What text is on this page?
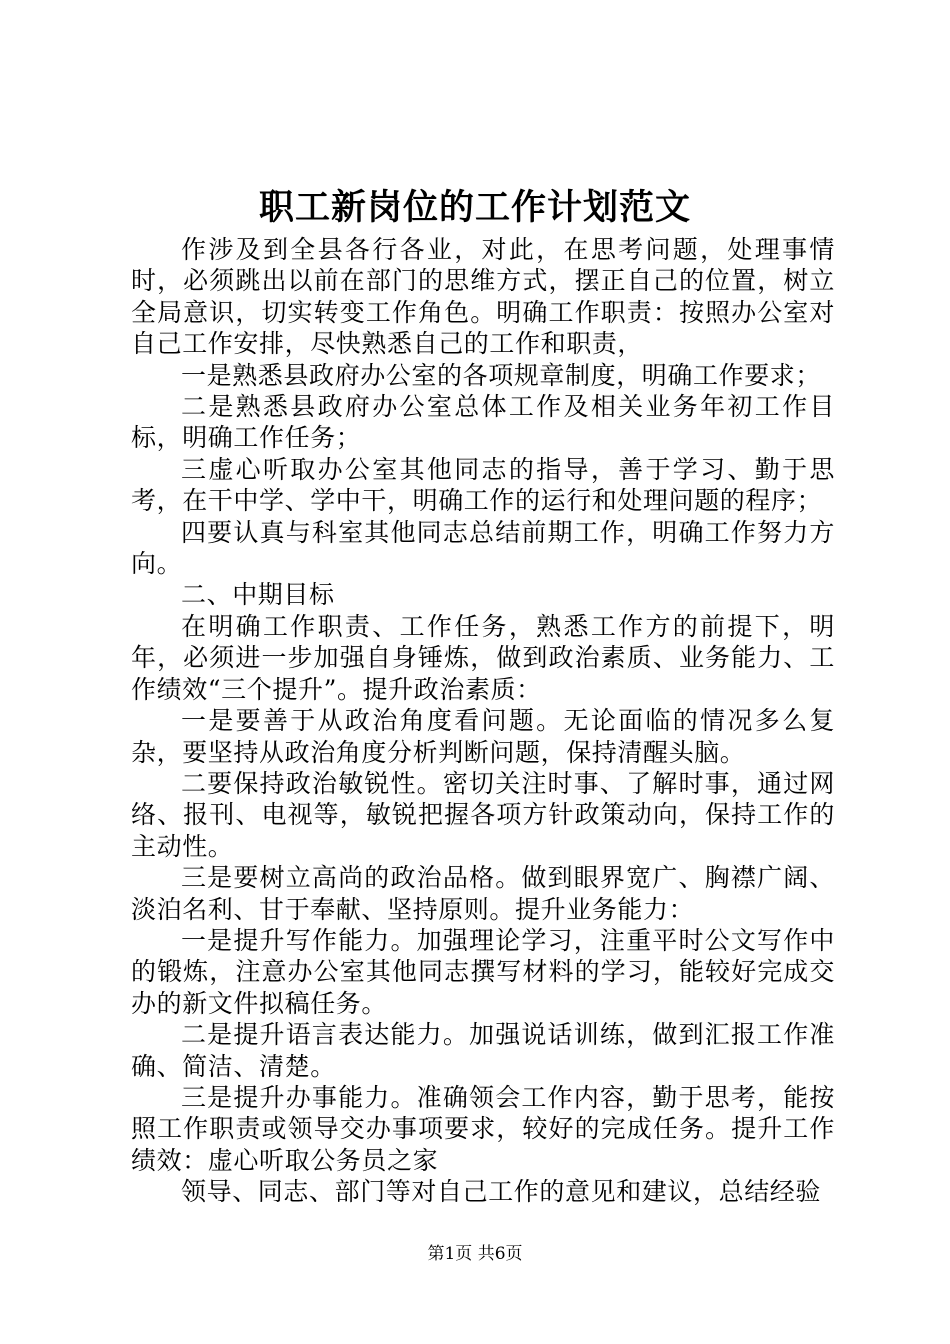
职工新岗位的工作计划范文

作涉及到全县各行各业，对此，在思考问题，处理事情时，必须跳出以前在部门的思维方式，摆正自己的位置，树立全局意识，切实转变工作角色。明确工作职责：按照办公室对自己工作安排，尽快熟悉自己的工作和职责，

一是熟悉县政府办公室的各项规章制度，明确工作要求；

二是熟悉县政府办公室总体工作及相关业务年初工作目标，明确工作任务；

三虚心听取办公室其他同志的指导，善于学习、勤于思考，在干中学、学中干，明确工作的运行和处理问题的程序；

四要认真与科室其他同志总结前期工作，明确工作努力方向。

二、中期目标

在明确工作职责、工作任务，熟悉工作方的前提下，明年，必须进一步加强自身锤炼，做到政治素质、业务能力、工作绩效“三个提升”。提升政治素质：

一是要善于从政治角度看问题。无论面临的情况多么复杂，要坚持从政治角度分析判断问题，保持清醒头脑。

二要保持政治敏锐性。密切关注时事、了解时事，通过网络、报刊、电视等，敏锐把握各项方针政策动向，保持工作的主动性。

三是要树立高尚的政治品格。做到眼界宽广、胸襟广阔、淡泊名利、甘于奉献、坚持原则。提升业务能力：

一是提升写作能力。加强理论学习，注重平时公文写作中的锻炼，注意办公室其他同志撰写材料的学习，能较好完成交办的新文件拟稿任务。

二是提升语言表达能力。加强说话训练，做到汇报工作准确、简洁、清楚。

三是提升办事能力。准确领会工作内容，勤于思考，能按照工作职责或领导交办事项要求，较好的完成任务。提升工作绩效：虚心听取公务员之家

领导、同志、部门等对自己工作的意见和建议，总结经验

第1页 共6页
